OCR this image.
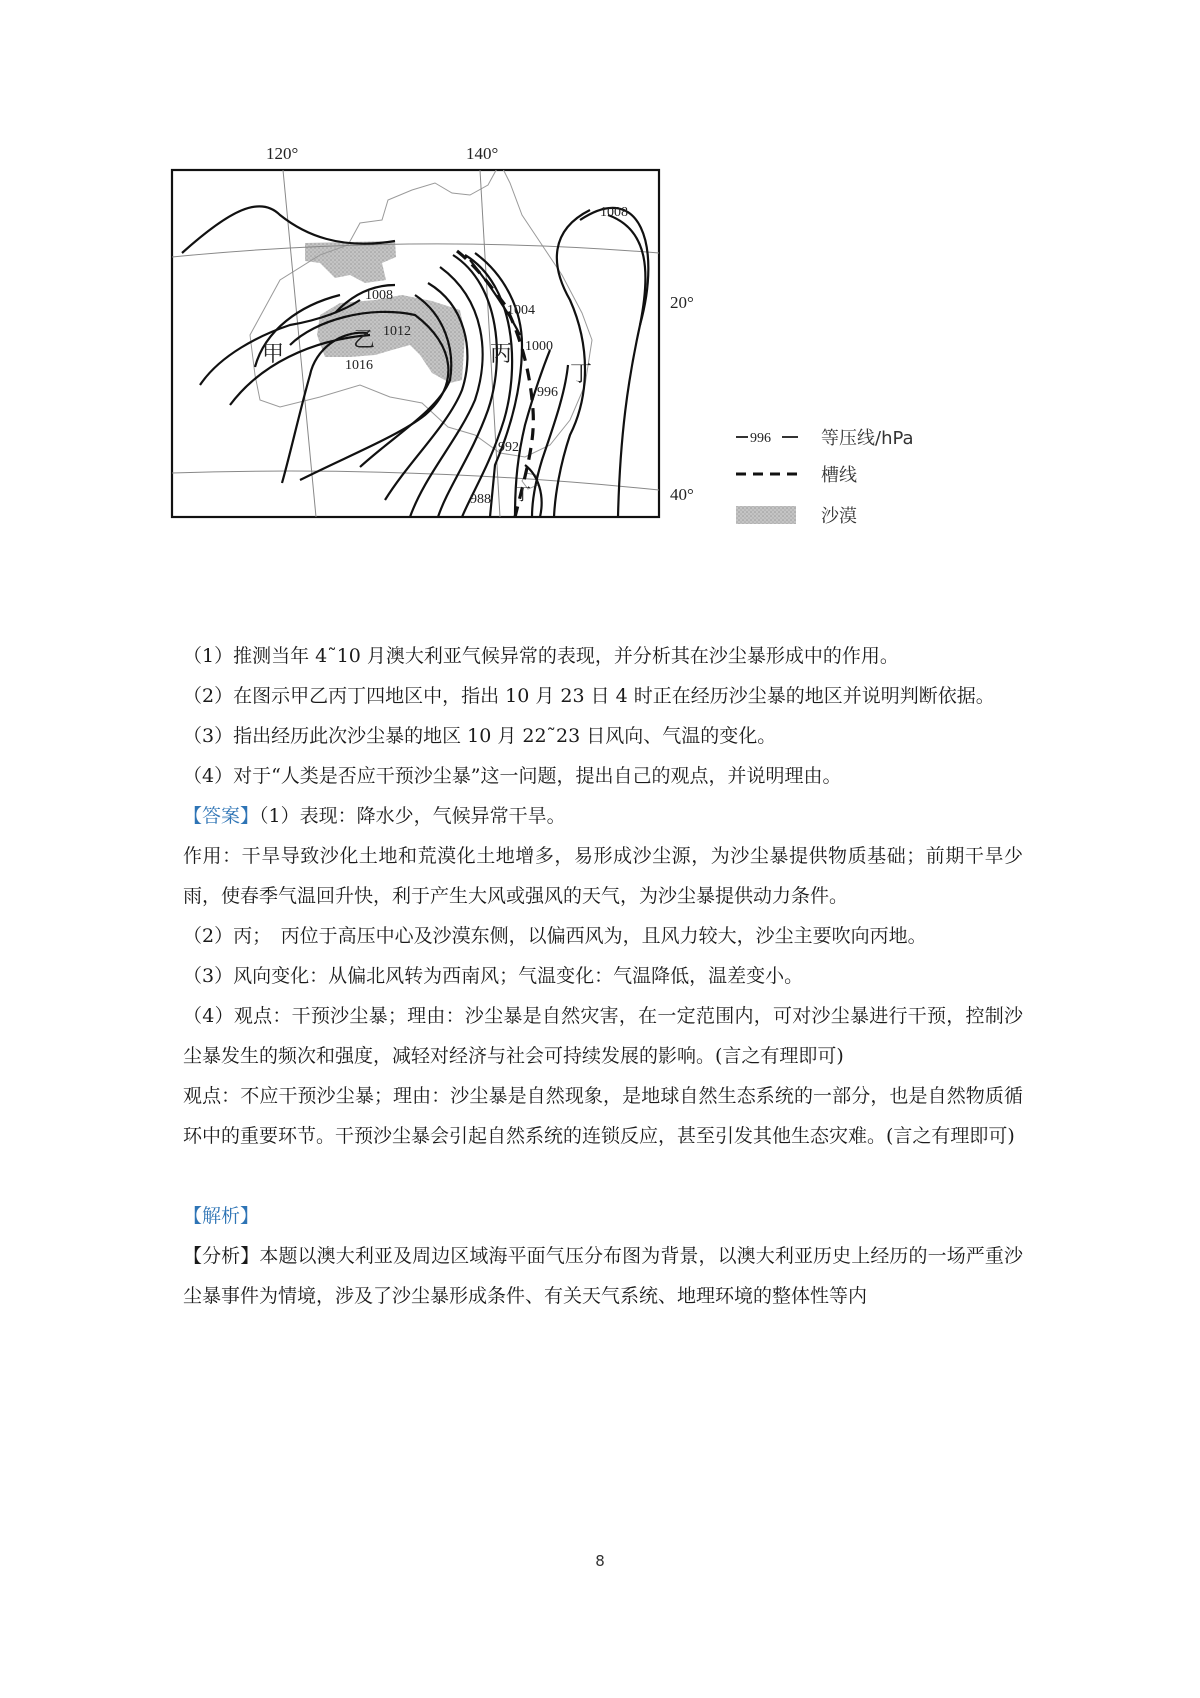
120°	140°
1008
1008
1004
1000
996
992
988
1012
1016
甲
乙
丙
丁
丁
20°
40°
996	等压线/hPa
槽线
沙漠

（1）推测当年 4˜10 月澳大利亚气候异常的表现，并分析其在沙尘暴形成中的作用。

（2）在图示甲乙丙丁四地区中，指出 10 月 23 日 4 时正在经历沙尘暴的地区并说明判断依据。

（3）指出经历此次沙尘暴的地区 10 月 22˜23 日风向、气温的变化。

（4）对于“人类是否应干预沙尘暴”这一问题，提出自己的观点，并说明理由。

【答案】（1）表现：降水少，气候异常干旱。

作用：干旱导致沙化土地和荒漠化土地增多，易形成沙尘源，为沙尘暴提供物质基础；前期干旱少雨，使春季气温回升快，利于产生大风或强风的天气，为沙尘暴提供动力条件。

（2）丙；　丙位于高压中心及沙漠东侧，以偏西风为，且风力较大，沙尘主要吹向丙地。

（3）风向变化：从偏北风转为西南风；气温变化：气温降低，温差变小。

（4）观点：干预沙尘暴；理由：沙尘暴是自然灾害，在一定范围内，可对沙尘暴进行干预，控制沙尘暴发生的频次和强度，减轻对经济与社会可持续发展的影响。(言之有理即可)

观点：不应干预沙尘暴；理由：沙尘暴是自然现象，是地球自然生态系统的一部分，也是自然物质循环中的重要环节。干预沙尘暴会引起自然系统的连锁反应，甚至引发其他生态灾难。(言之有理即可)

【解析】

【分析】本题以澳大利亚及周边区域海平面气压分布图为背景，以澳大利亚历史上经历的一场严重沙尘暴事件为情境，涉及了沙尘暴形成条件、有关天气系统、地理环境的整体性等内

8
